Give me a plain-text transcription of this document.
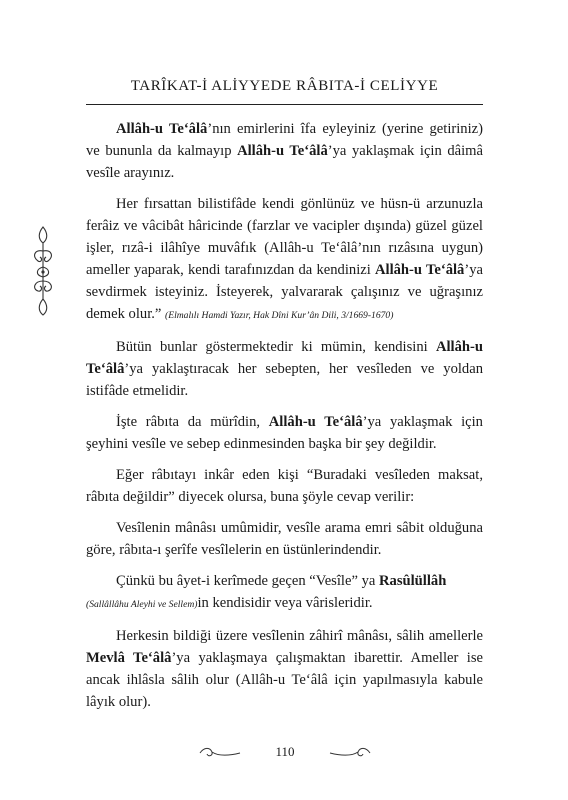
TARÎKAT-İ ALİYYEDE RÂBITA-İ CELİYYE

Allâh-u Te‘âlâ’nın emirlerini îfa eyleyiniz (yerine getiriniz) ve bununla da kalmayıp Allâh-u Te‘âlâ’ya yaklaşmak için dâimâ vesîle arayınız.

Her fırsattan bilistifâde kendi gönlünüz ve hüsn-ü arzunuzla ferâiz ve vâcibât hâricinde (farzlar ve vacipler dışında) güzel güzel işler, rızâ-i ilâhîye muvâfık (Allâh-u Te‘âlâ’nın rızâsına uygun) ameller yaparak, kendi tarafınızdan da kendinizi Allâh-u Te‘âlâ’ya sevdirmek isteyiniz. İsteyerek, yalvararak çalışınız ve uğraşınız demek olur.” (Elmalılı Hamdi Yazır, Hak Dîni Kur’ân Dili, 3/1669-1670)

Bütün bunlar göstermektedir ki mümin, kendisini Allâh-u Te‘âlâ’ya yaklaştıracak her sebepten, her vesîleden ve yoldan istifâde etmelidir.

İşte râbıta da mürîdin, Allâh-u Te‘âlâ’ya yaklaşmak için şeyhini vesîle ve sebep edinmesinden başka bir şey değildir.

Eğer râbıtayı inkâr eden kişi “Buradaki vesîleden maksat, râbıta değildir” diyecek olursa, buna şöyle cevap verilir:

Vesîlenin mânâsı umûmidir, vesîle arama emri sâbit olduğuna göre, râbıta-ı şerîfe vesîlelerin en üstünlerindendir.

Çünkü bu âyet-i kerîmede geçen “Vesîle” ya Rasûlüllâh
(Sallâllâhu Aleyhi ve Sellem)in kendisidir veya vârisleridir.

Herkesin bildiği üzere vesîlenin zâhirî mânâsı, sâlih amellerle Mevlâ Te‘âlâ’ya yaklaşmaya çalışmaktan ibarettir. Ameller ise ancak ihlâsla sâlih olur (Allâh-u Te‘âlâ için yapılmasıyla kabule lâyık olur).

110
